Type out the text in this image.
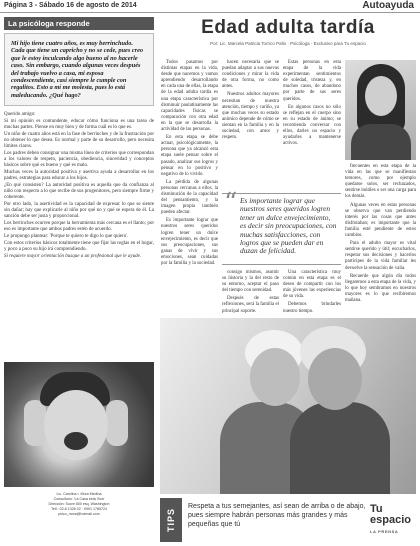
Página 3 - Sábado 16 de agosto de 2014	Autoayuda
La psicóloga responde
Mi hijo tiene cuatro años, es muy berrinchudo. Cada que tiene un capricho y no se cede, pues creo que le estoy inculcando algo bueno al no hacerle caso. Sin embargo, cuando algunas veces después del trabajo vuelvo a casa, mi esposa condescendiente, casi siempre le cumple con regalitos. Esto a mí me molesta, pues lo está maleducando. ¿Qué hago?

Querido amigo:

Si mi opinión es contundente, educar cómo funciona es una tarea de muchas partes. Piense en muy bien y de forma cuál es lo que es.

Un niño de cuatro años está en la fase de berrinches y de la frustración por no obtener lo que desea. Es normal y parte de su desarrollo, pero necesita límites claros.

Los padres deben consignar una misma línea de criterios que correspondan a los valores de respeto, paciencia, obediencia, sinceridad y conceptos básicos sobre qué es bueno y qué es malo.

Muchas veces la autoridad positiva y asertiva ayuda a desarrollar en los padres, estrategias para educar a los hijos.

¿En qué consisten? La autoridad positiva es aquella que da confianza al niño con respecto a lo que recibe de sus progenitores, pero siempre firme y coherente.

Por otro lado, la asertividad es la capacidad de expresar lo que se siente sin dañar; hay que explicarle al niño por qué no y qué se espera de él. La sanción debe ser justa y proporcional.

Los berrinches ocurren porque la herramienta más cercana es el llanto; por eso es importante que ambos padres estén de acuerdo.

Le propongo plantear: 'Porque te quiero te digo lo que quiero'.

Con estos criterios básicos totalmente tiene que fijar las reglas en el hogar, y poco a poco su hijo irá comprendiendo.

Si requiere mayor orientación busque a un profesional que le ayude.

Lic. Carolina I. Mora Medina
Consultorio: 'La Casa está Viva'
Dirección: Sucre 800 esq. Washington
Telf.: 02-6 1326 02 · 0991 1785724
psico_mora@hotmail.com
Edad adulta tardía
Por: Lic. Marcela Patricia Torrico Pallo · Psicóloga · Exclusivo para Tu espacio

Todos pasamos por distintas etapas en la vida, desde que nacemos y vamos aprendiendo desarrollando en cada una de ellas, la etapa de la edad adulta tardía es una etapa característica por disminuir paulatinamente las capacidades físicas se comparación con otra edad en la que se desarrolla la actividad de las personas.

En esta etapa se debe actuar, psicológicamente, la persona que ya alcanzó esta etapa suele pensar sobre el pasado, analizar sus logros y pensar en lo positivo y negativo de lo vivido.

La pérdida de algunas personas cercanas a ellos, la disminución de la capacidad del pensamiento, y la imagen propia también pueden afectar.

Es importante lograr que nuestros seres queridos logren tener un dulce envejecimiento, es decir que sus preocupaciones, sus ganas de vivir y sus emociones, sean cuidadas por la familia y la sociedad.

hacen necesaria que se puedan adaptar a sus nuevas condiciones y mirar la vida de otra forma, no como antes.

Nuestros adultos mayores necesitan de nuestra atención, tiempo y cariño, ya que muchas veces su estado anímico depende de cómo se sientan en la familia y en la sociedad, con amor y respeto.

Estas personas en esta etapa de la vida experimentan sentimientos de soledad, tristeza y, en muchos casos, de abandono por parte de sus seres queridos.

En algunos casos no sólo se reflejan en el cuerpo sino en su estado de ánimo; se recomienda conversar con ellos, darles un espacio y ayudarles a mantenerse activos.

“ Es importante lograr que nuestros seres queridos logren tener un dulce envejecimiento, es decir sin preocupaciones, con muchas satisfacciones, con logros que se pueden dar en duzan de felicidad.

consigo mismos, asumir su historia y la del resto de su entorno, aceptar el paso del tiempo con serenidad.

Después de estas reflexiones, será la familia el principal soporte.

Una característica muy común en esta etapa es el deseo de compartir con los más jóvenes las experiencias de su vida.

Debemos brindarles nuestro tiempo.

frecuentes en esta etapa de la vida en las que se manifiestan temores, como por ejemplo quedarse solos, ser rechazados, sentirse inútiles o ser una carga para los demás.

Algunas veces en estas personas se observa que van perdiendo interés por las cosas que antes disfrutaban; es importante que la familia esté pendiente de estos cambios.

Para el adulto mayor es vital sentirse querido y útil; escucharlos, respetar sus decisiones y hacerlos partícipes de la vida familiar les devuelve la sensación de valía.

Recuerde que algún día todos llegaremos a esta etapa de la vida, y lo que hoy sembramos en nuestros mayores es lo que recibiremos mañana.

TIPS
Respeta a tus semejantes, así sean de arriba o de abajo, pues siempre habrán personas más grandes y más pequeñas que tú
Tu espacio
LA PRENSA
